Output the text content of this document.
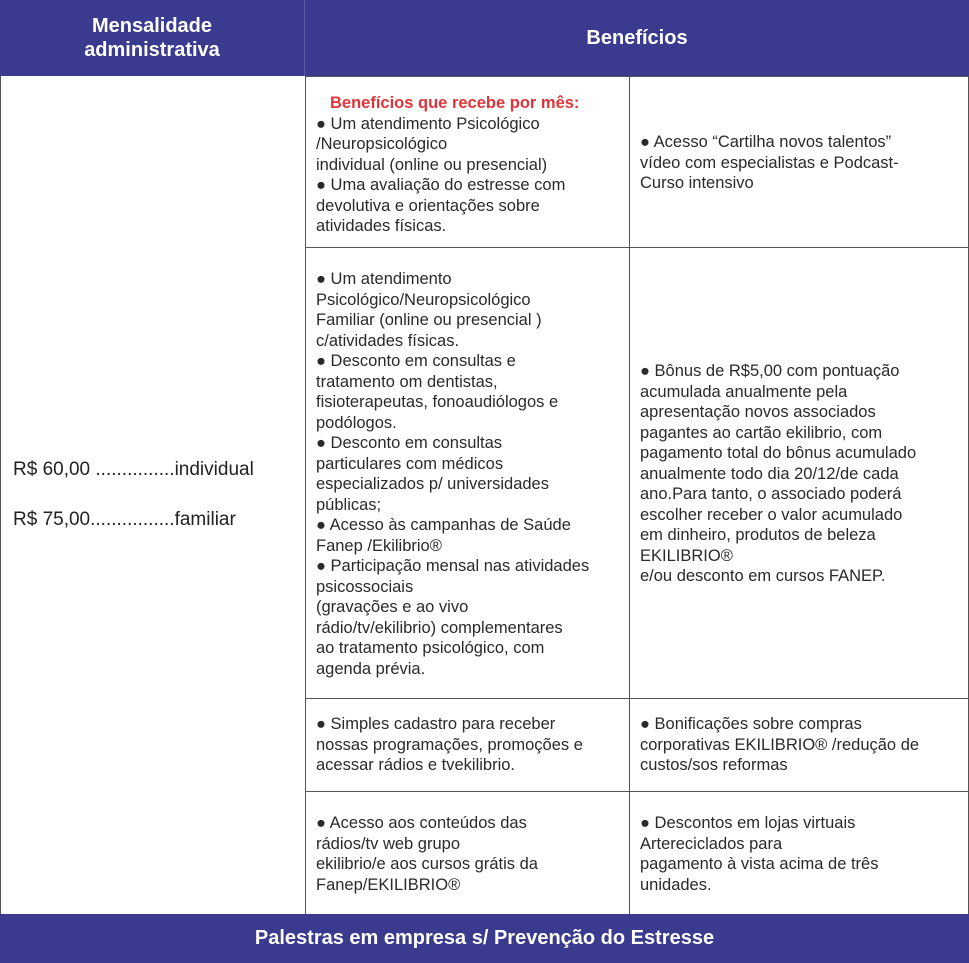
Mensalidade
administrativa
Benefícios

R$ 60,00 ...............individual

R$ 75,00................familiar

Benefícios que recebe por mês:

● Um atendimento Psicológico
/Neuropsicológico
individual (online ou presencial)
● Uma avaliação do estresse com
devolutiva e orientações sobre
atividades físicas.

● Acesso “Cartilha novos talentos”
vídeo com especialistas e Podcast-
Curso intensivo

● Um atendimento
Psicológico/Neuropsicológico
Familiar (online ou presencial )
c/atividades físicas.
● Desconto em consultas e
tratamento om dentistas,
fisioterapeutas, fonoaudiólogos e
podólogos.
● Desconto em consultas
particulares com médicos
especializados p/ universidades
públicas;
● Acesso às campanhas de Saúde
Fanep /Ekilibrio®
● Participação mensal nas atividades
psicossociais
(gravações e ao vivo
rádio/tv/ekilibrio) complementares
ao tratamento psicológico, com
agenda prévia.

● Bônus de R$5,00 com pontuação
acumulada anualmente pela
apresentação novos associados
pagantes ao cartão ekilibrio, com
pagamento total do bônus acumulado
anualmente todo dia 20/12/de cada
ano.Para tanto, o associado poderá
escolher receber o valor acumulado
em dinheiro, produtos de beleza
EKILIBRIO®
e/ou desconto em cursos FANEP.

● Simples cadastro para receber
nossas programações, promoções e
acessar rádios e tvekilibrio.

● Bonificações sobre compras
corporativas EKILIBRIO® /redução de
custos/sos reformas

● Acesso aos conteúdos das
rádios/tv web grupo
ekilibrio/e aos cursos grátis da
Fanep/EKILIBRIO®

● Descontos em lojas virtuais
Artereciclados para
pagamento à vista acima de três
unidades.

Palestras em empresa s/ Prevenção do Estresse
